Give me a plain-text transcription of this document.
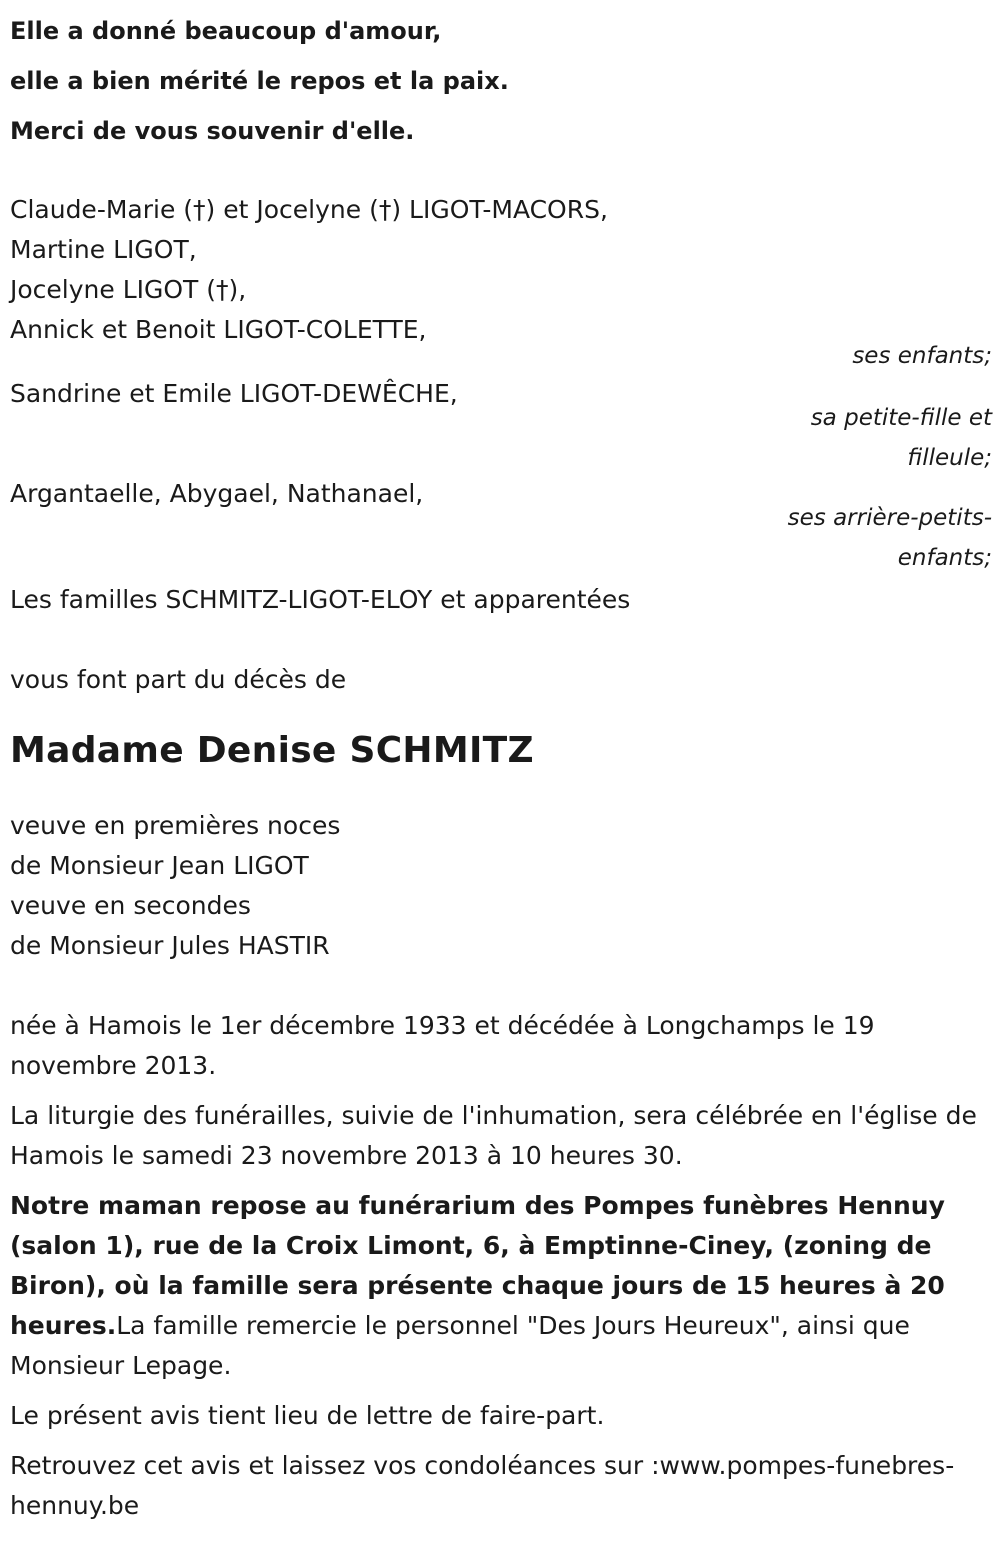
Elle a donné beaucoup d'amour,
elle a bien mérité le repos et la paix.
Merci de vous souvenir d'elle.
Claude-Marie (†) et Jocelyne (†) LIGOT-MACORS,
Martine LIGOT,
Jocelyne LIGOT (†),
Annick et Benoit LIGOT-COLETTE,
ses enfants;
Sandrine et Emile LIGOT-DEWÊCHE,
sa petite-fille et filleule;
Argantaelle, Abygael, Nathanael,
ses arrière-petits-enfants;
Les familles SCHMITZ-LIGOT-ELOY et apparentées
vous font part du décès de
Madame Denise SCHMITZ
veuve en premières noces
de Monsieur Jean LIGOT
veuve en secondes
de Monsieur Jules HASTIR
née à Hamois le 1er décembre 1933 et décédée à Longchamps le 19 novembre 2013.
La liturgie des funérailles, suivie de l'inhumation, sera célébrée en l'église de Hamois le samedi 23 novembre 2013 à 10 heures 30.
Notre maman repose au funérarium des Pompes funèbres Hennuy (salon 1), rue de la Croix Limont, 6, à Emptinne-Ciney, (zoning de Biron), où la famille sera présente chaque jours de 15 heures à 20 heures.La famille remercie le personnel "Des Jours Heureux", ainsi que Monsieur Lepage.
Le présent avis tient lieu de lettre de faire-part.
Retrouvez cet avis et laissez vos condoléances sur :www.pompes-funebres-hennuy.be
